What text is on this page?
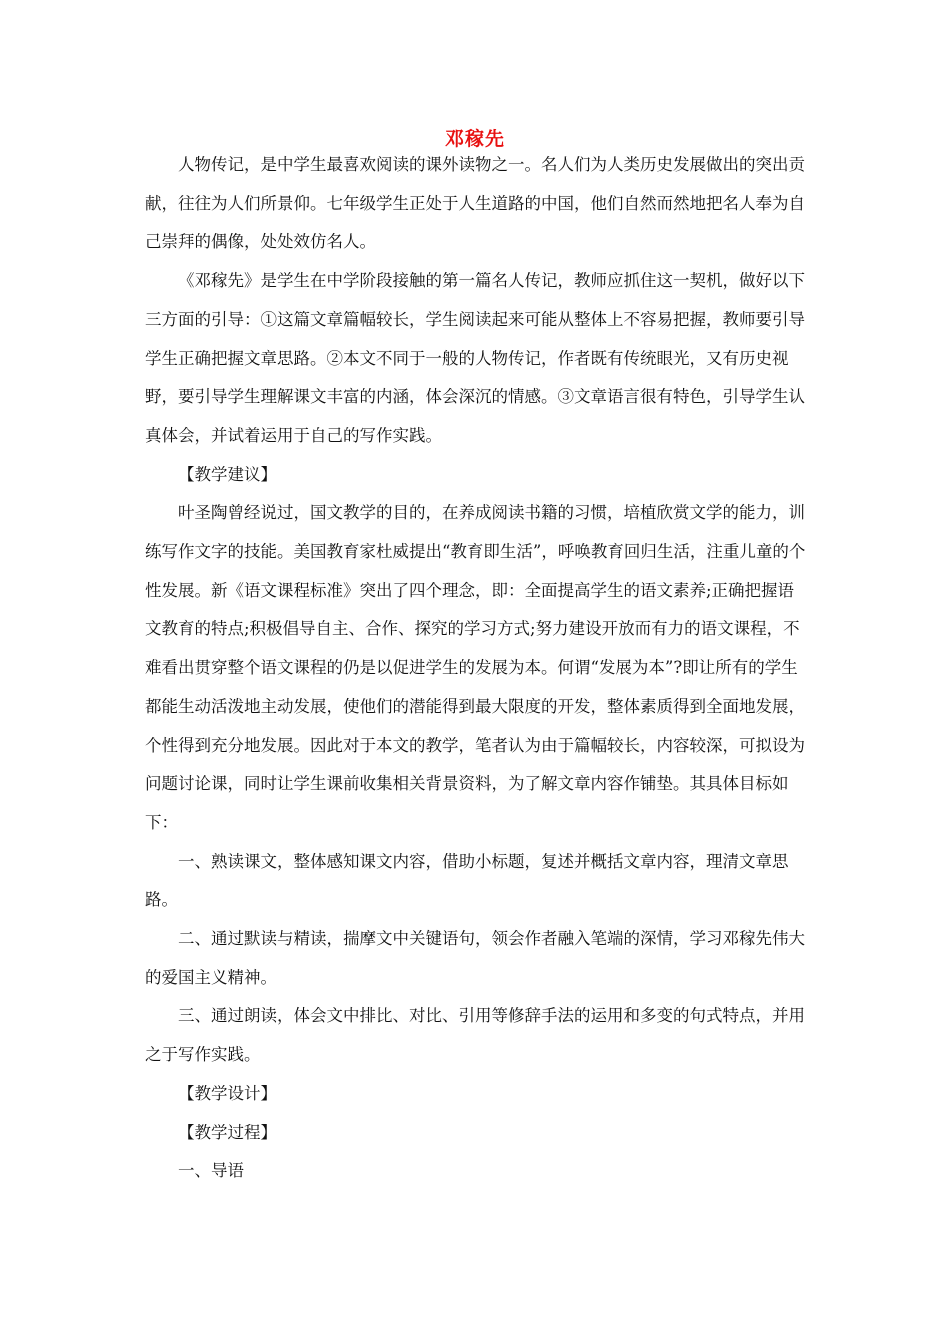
邓稼先

人物传记，是中学生最喜欢阅读的课外读物之一。名人们为人类历史发展做出的突出贡献，往往为人们所景仰。七年级学生正处于人生道路的中国，他们自然而然地把名人奉为自己崇拜的偶像，处处效仿名人。

《邓稼先》是学生在中学阶段接触的第一篇名人传记，教师应抓住这一契机，做好以下三方面的引导：①这篇文章篇幅较长，学生阅读起来可能从整体上不容易把握，教师要引导学生正确把握文章思路。②本文不同于一般的人物传记，作者既有传统眼光，又有历史视野，要引导学生理解课文丰富的内涵，体会深沉的情感。③文章语言很有特色，引导学生认真体会，并试着运用于自己的写作实践。

【教学建议】

叶圣陶曾经说过，国文教学的目的，在养成阅读书籍的习惯，培植欣赏文学的能力，训练写作文字的技能。美国教育家杜威提出“教育即生活”，呼唤教育回归生活，注重儿童的个性发展。新《语文课程标准》突出了四个理念，即：全面提高学生的语文素养;正确把握语文教育的特点;积极倡导自主、合作、探究的学习方式;努力建设开放而有力的语文课程，不难看出贯穿整个语文课程的仍是以促进学生的发展为本。何谓“发展为本”?即让所有的学生都能生动活泼地主动发展，使他们的潜能得到最大限度的开发，整体素质得到全面地发展，个性得到充分地发展。因此对于本文的教学，笔者认为由于篇幅较长，内容较深，可拟设为问题讨论课，同时让学生课前收集相关背景资料，为了解文章内容作铺垫。其具体目标如下：

一、熟读课文，整体感知课文内容，借助小标题，复述并概括文章内容，理清文章思路。

二、通过默读与精读，揣摩文中关键语句，领会作者融入笔端的深情，学习邓稼先伟大的爱国主义精神。

三、通过朗读，体会文中排比、对比、引用等修辞手法的运用和多变的句式特点，并用之于写作实践。

【教学设计】

【教学过程】

一、导语
